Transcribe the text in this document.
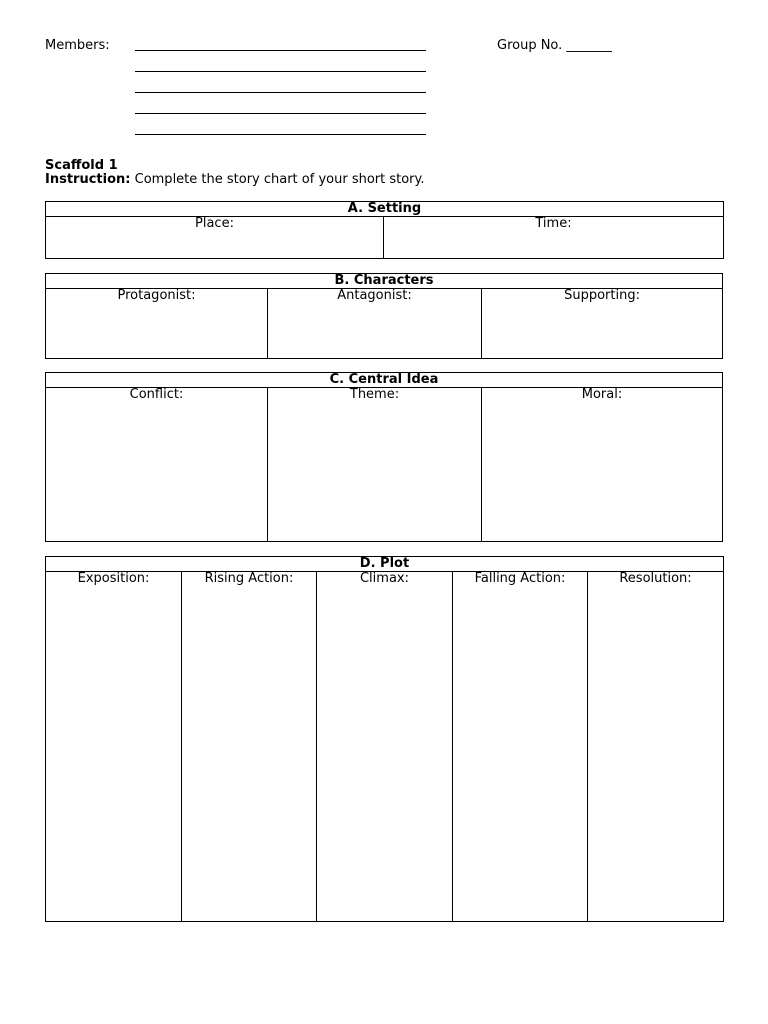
Members:	Group No. _______
Scaffold 1
Instruction: Complete the story chart of your short story.
A. Setting
Place:	Time:
B. Characters
Protagonist:	Antagonist:	Supporting:
C. Central Idea
Conflict:	Theme:	Moral:
D. Plot
Exposition:	Rising Action:	Climax:	Falling Action:	Resolution:
